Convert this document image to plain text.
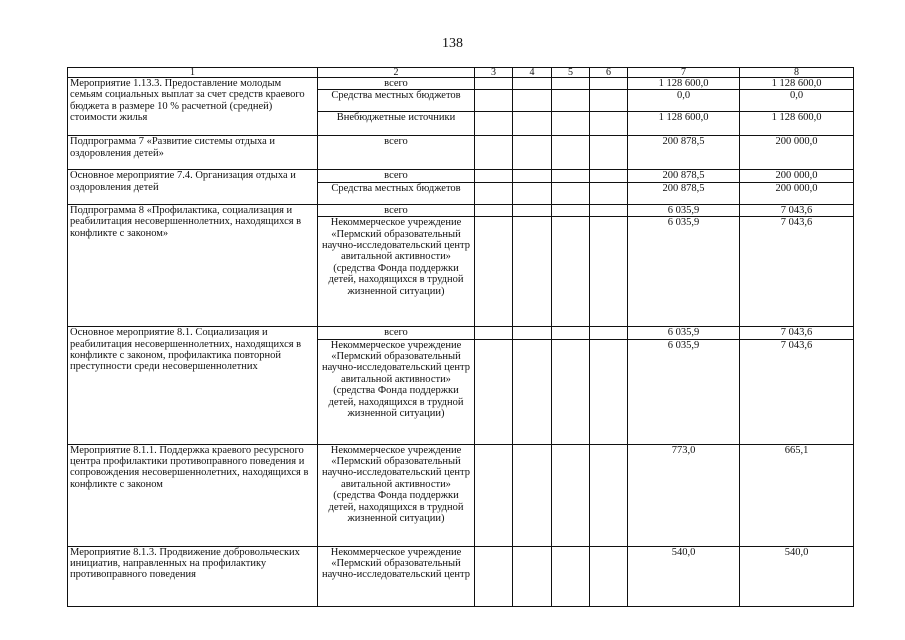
138
1	2	3	4	5	6	7	8
Мероприятие 1.13.3. Предоставление молодым семьям социальных выплат за счет средств краевого бюджета в размере 10 % расчетной (средней) стоимости жилья	всего					1 128 600,0	1 128 600,0
	Средства местных бюджетов					0,0	0,0
	Внебюджетные источники					1 128 600,0	1 128 600,0
Подпрограмма 7 «Развитие системы отдыха и оздоровления детей»	всего					200 878,5	200 000,0
Основное мероприятие 7.4. Организация отдыха и оздоровления детей	всего					200 878,5	200 000,0
	Средства местных бюджетов					200 878,5	200 000,0
Подпрограмма 8 «Профилактика, социализация и реабилитация несовершеннолетних, находящихся в конфликте с законом»	всего					6 035,9	7 043,6
	Некоммерческое учреждение «Пермский образовательный научно-исследовательский центр авитальной активности» (средства Фонда поддержки детей, находящихся в трудной жизненной ситуации)					6 035,9	7 043,6
Основное мероприятие 8.1. Социализация и реабилитация несовершеннолетних, находящихся в конфликте с законом, профилактика повторной преступности среди несовершеннолетних	всего					6 035,9	7 043,6
	Некоммерческое учреждение «Пермский образовательный научно-исследовательский центр авитальной активности» (средства Фонда поддержки детей, находящихся в трудной жизненной ситуации)					6 035,9	7 043,6
Мероприятие 8.1.1. Поддержка краевого ресурсного центра профилактики противоправного поведения и сопровождения несовершеннолетних, находящихся в конфликте с законом	Некоммерческое учреждение «Пермский образовательный научно-исследовательский центр авитальной активности» (средства Фонда поддержки детей, находящихся в трудной жизненной ситуации)					773,0	665,1
Мероприятие 8.1.3. Продвижение добровольческих инициатив, направленных на профилактику противоправного поведения	Некоммерческое учреждение «Пермский образовательный научно-исследовательский центр					540,0	540,0
